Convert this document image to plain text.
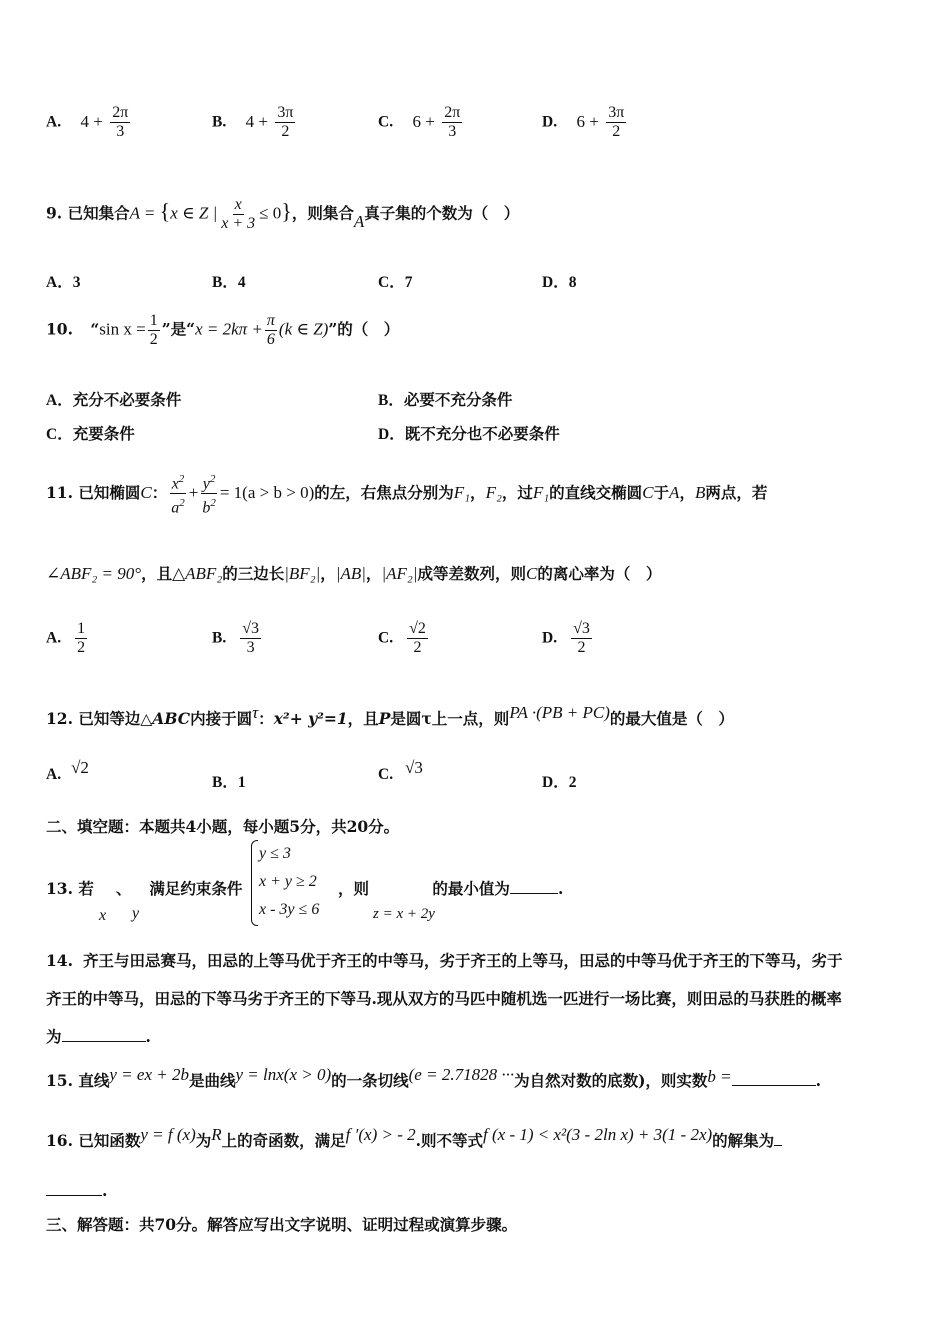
A. $4 + \frac{2\pi}{3}$	B. $4 + \frac{3\pi}{2}$	C. $6 + \frac{2\pi}{3}$	D. $6 + \frac{3\pi}{2}$
9. 已知集合A = {x ∈ Z | $\frac{x}{x + 3} \le 0$}，则集合A真子集的个数为（　）
A．3	B．4	C．7	D．8
10. “sin $x = \frac{1}{2}$ ”是“$x = 2k\pi + \frac{\pi}{6} (k$ ∈ Z)”的（　）
A．充分不必要条件	B．必要不充分条件
C．充要条件	D．既不充分也不必要条件
11. 已知椭圆C： $\frac{x^2}{a^2} + \frac{y^2}{b^2} = 1(a > b > 0)$的左，右焦点分别为F₁，F₂，过F₁的直线交椭圆C于A，B两点，若
∠ABF₂ = 90°，且△ABF₂的三边长|BF₂|，|AB|，|AF₂|成等差数列，则C的离心率为（　）
A. $\frac{1}{2}$	B. $\frac{√3}{3}$	C. $\frac{√2}{2}$	D. $\frac{√3}{2}$
12. 已知等边△ABC内接于圆τ：x²+ y²=1，且P是圆τ上一点，则PA ·(PB + PC)的最大值是（　）
A. √2
B．1	C. √3
D．2
二、填空题：本题共4小题，每小题5分，共20分。
13. 若 、 满足约束条件
x y
y ≤ 3
x + y ≥ 2
x - 3y ≤ 6
，则	的最小值为	.
z = x + 2y
14. 齐王与田忌赛马，田忌的上等马优于齐王的中等马，劣于齐王的上等马，田忌的中等马优于齐王的下等马，劣于
齐王的中等马，田忌的下等马劣于齐王的下等马.现从双方的马匹中随机选一匹进行一场比赛，则田忌的马获胜的概率
为	.
15. 直线y = ex + 2b是曲线y = lnx(x > 0)的一条切线(e = 2.71828 ···为自然对数的底数)，则实数b =	.
16. 已知函数y = f (x)为R上的奇函数，满足f ′(x) > - 2.则不等式f (x - 1) < x²(3 - 2ln x) + 3(1 - 2x)的解集为
.
三、解答题：共70分。解答应写出文字说明、证明过程或演算步骤。
